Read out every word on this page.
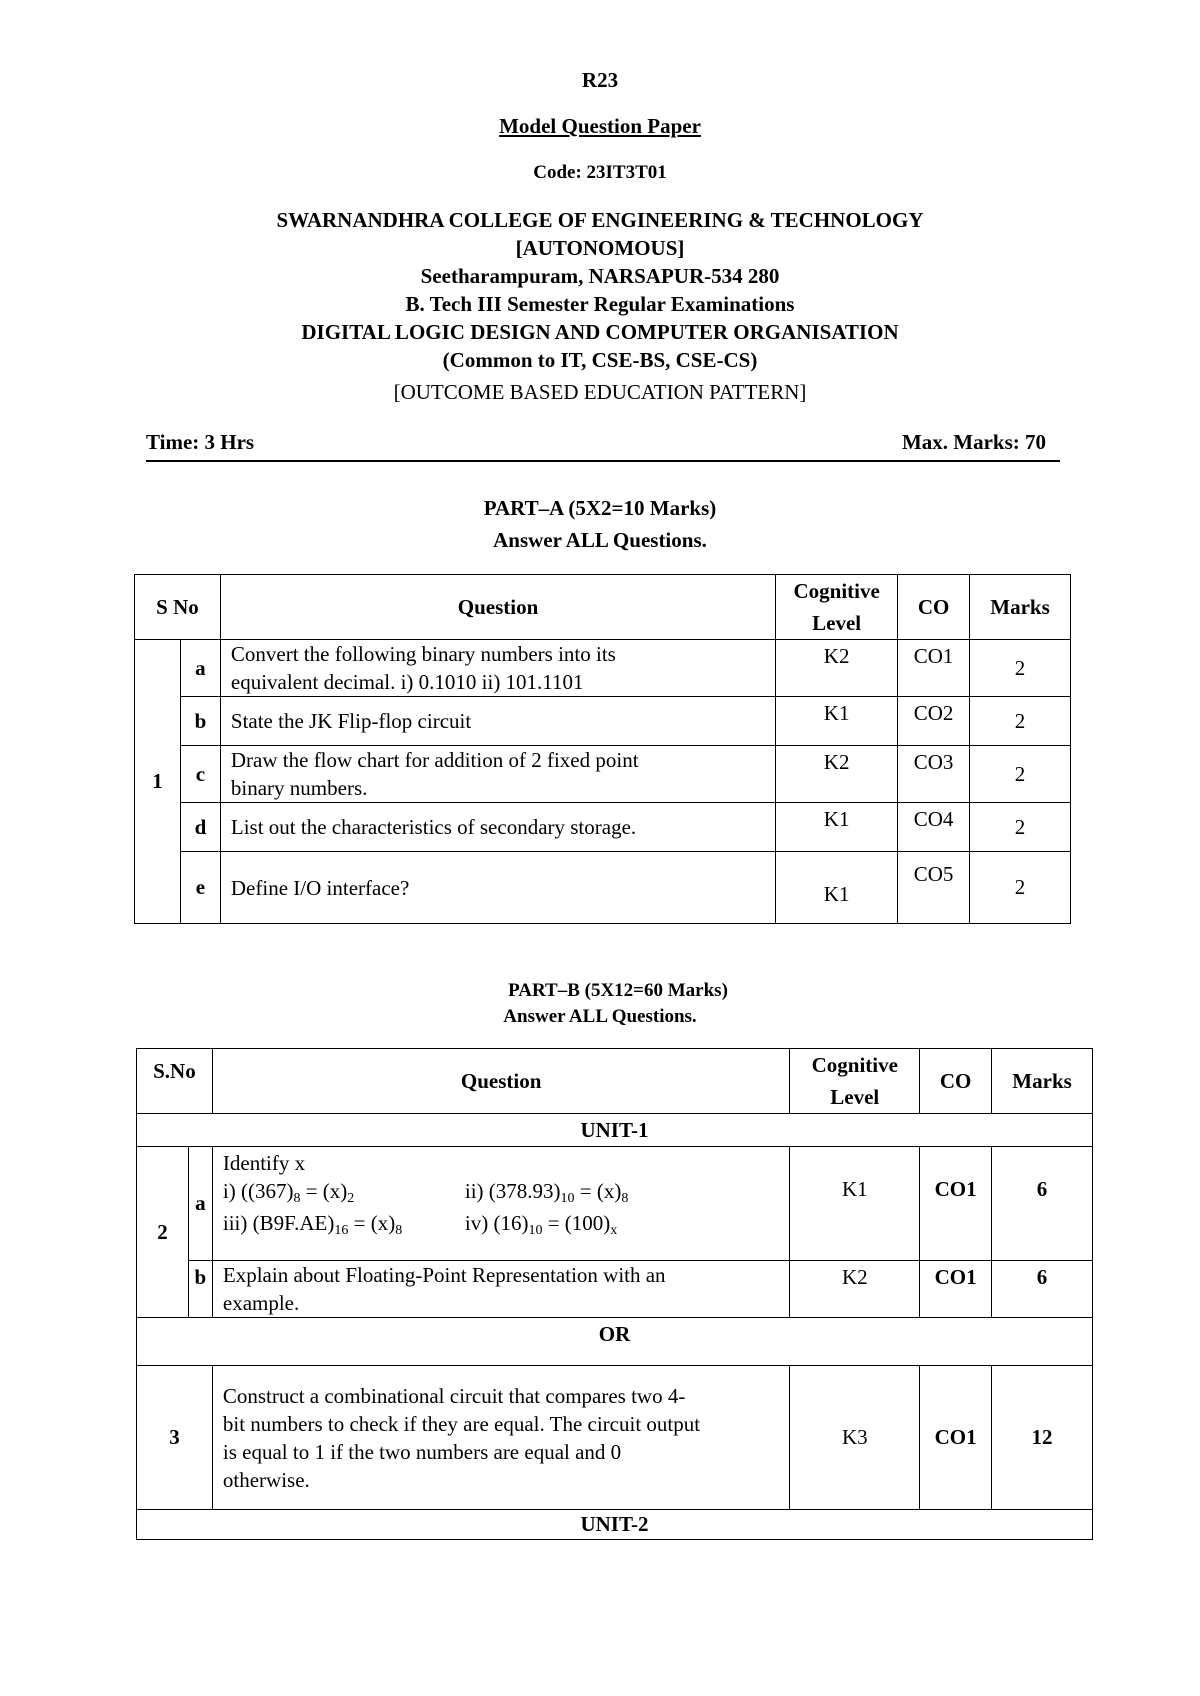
R23
Model Question Paper
Code: 23IT3T01
SWARNANDHRA COLLEGE OF ENGINEERING & TECHNOLOGY
[AUTONOMOUS]
Seetharampuram, NARSAPUR-534 280
B. Tech III Semester Regular Examinations
DIGITAL LOGIC DESIGN AND COMPUTER ORGANISATION
(Common to IT, CSE-BS, CSE-CS)
[OUTCOME BASED EDUCATION PATTERN]
Time: 3 Hrs	Max. Marks: 70
PART–A (5X2=10 Marks)
Answer ALL Questions.
S No		Question	Cognitive
Level	CO	Marks
1	a	Convert the following binary numbers into its
equivalent decimal. i) 0.1010 ii) 101.1101	K2	CO1	2
	b	State the JK Flip-flop circuit	K1	CO2	2
	c	Draw the flow chart for addition of 2 fixed point
binary numbers.	K2	CO3	2
	d	List out the characteristics of secondary storage.	K1	CO4	2
	e	Define I/O interface?	K1	CO5	2
PART–B (5X12=60 Marks)
Answer ALL Questions.
S.No		Question	Cognitive
Level	CO	Marks
UNIT-1					
2	a	Identify x
i) ((367)8 = (x)2 ii) (378.93)10 = (x)8
iii) (B9F.AE)16 = (x)8 iv) (16)10 = (100)x	K1	CO1	6
	b	Explain about Floating-Point Representation with an
example.	K2	CO1	6
OR					
3		Construct a combinational circuit that compares two 4-
bit numbers to check if they are equal. The circuit output
is equal to 1 if the two numbers are equal and 0
otherwise.	K3	CO1	12
UNIT-2					
